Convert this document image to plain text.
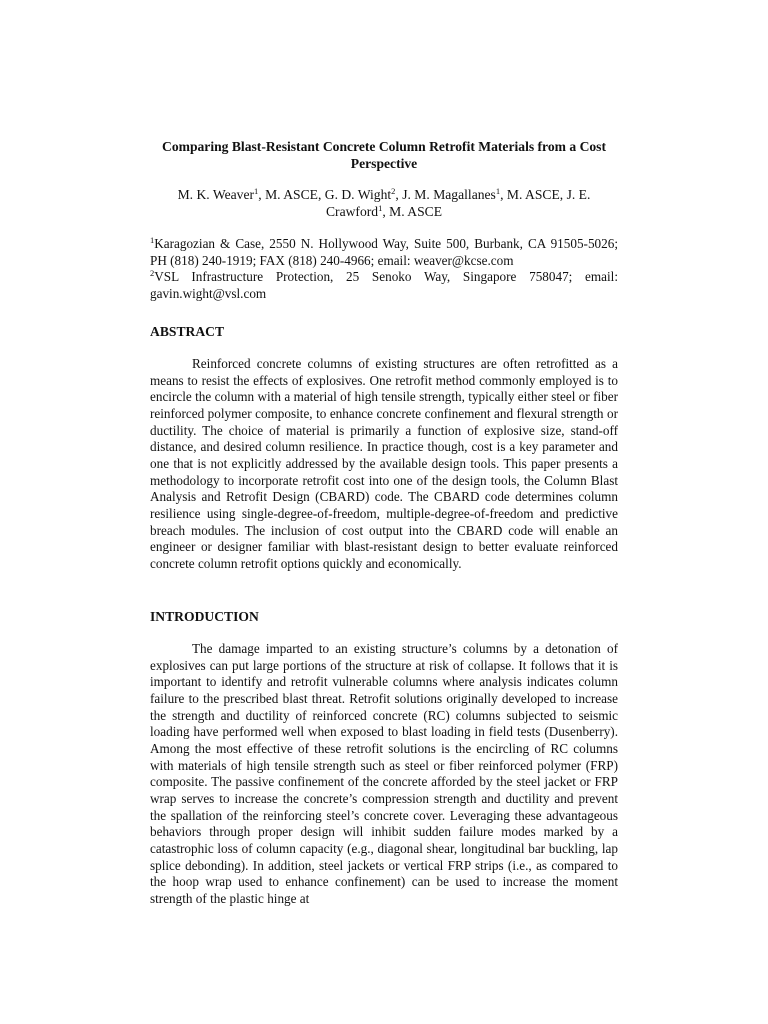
Comparing Blast-Resistant Concrete Column Retrofit Materials from a Cost Perspective
M. K. Weaver$^1$, M. ASCE, G. D. Wight$^2$, J. M. Magallanes$^1$, M. ASCE, J. E. Crawford$^1$, M. ASCE
$^1$Karagozian & Case, 2550 N. Hollywood Way, Suite 500, Burbank, CA 91505-5026; PH (818) 240-1919; FAX (818) 240-4966; email: weaver@kcse.com
$^2$VSL Infrastructure Protection, 25 Senoko Way, Singapore 758047; email: gavin.wight@vsl.com
ABSTRACT
Reinforced concrete columns of existing structures are often retrofitted as a means to resist the effects of explosives. One retrofit method commonly employed is to encircle the column with a material of high tensile strength, typically either steel or fiber reinforced polymer composite, to enhance concrete confinement and flexural strength or ductility. The choice of material is primarily a function of explosive size, stand-off distance, and desired column resilience. In practice though, cost is a key parameter and one that is not explicitly addressed by the available design tools. This paper presents a methodology to incorporate retrofit cost into one of the design tools, the Column Blast Analysis and Retrofit Design (CBARD) code. The CBARD code determines column resilience using single-degree-of-freedom, multiple-degree-of-freedom and predictive breach modules. The inclusion of cost output into the CBARD code will enable an engineer or designer familiar with blast-resistant design to better evaluate reinforced concrete column retrofit options quickly and economically.
INTRODUCTION
The damage imparted to an existing structure’s columns by a detonation of explosives can put large portions of the structure at risk of collapse. It follows that it is important to identify and retrofit vulnerable columns where analysis indicates column failure to the prescribed blast threat. Retrofit solutions originally developed to increase the strength and ductility of reinforced concrete (RC) columns subjected to seismic loading have performed well when exposed to blast loading in field tests (Dusenberry). Among the most effective of these retrofit solutions is the encircling of RC columns with materials of high tensile strength such as steel or fiber reinforced polymer (FRP) composite. The passive confinement of the concrete afforded by the steel jacket or FRP wrap serves to increase the concrete’s compression strength and ductility and prevent the spallation of the reinforcing steel’s concrete cover. Leveraging these advantageous behaviors through proper design will inhibit sudden failure modes marked by a catastrophic loss of column capacity (e.g., diagonal shear, longitudinal bar buckling, lap splice debonding). In addition, steel jackets or vertical FRP strips (i.e., as compared to the hoop wrap used to enhance confinement) can be used to increase the moment strength of the plastic hinge at
